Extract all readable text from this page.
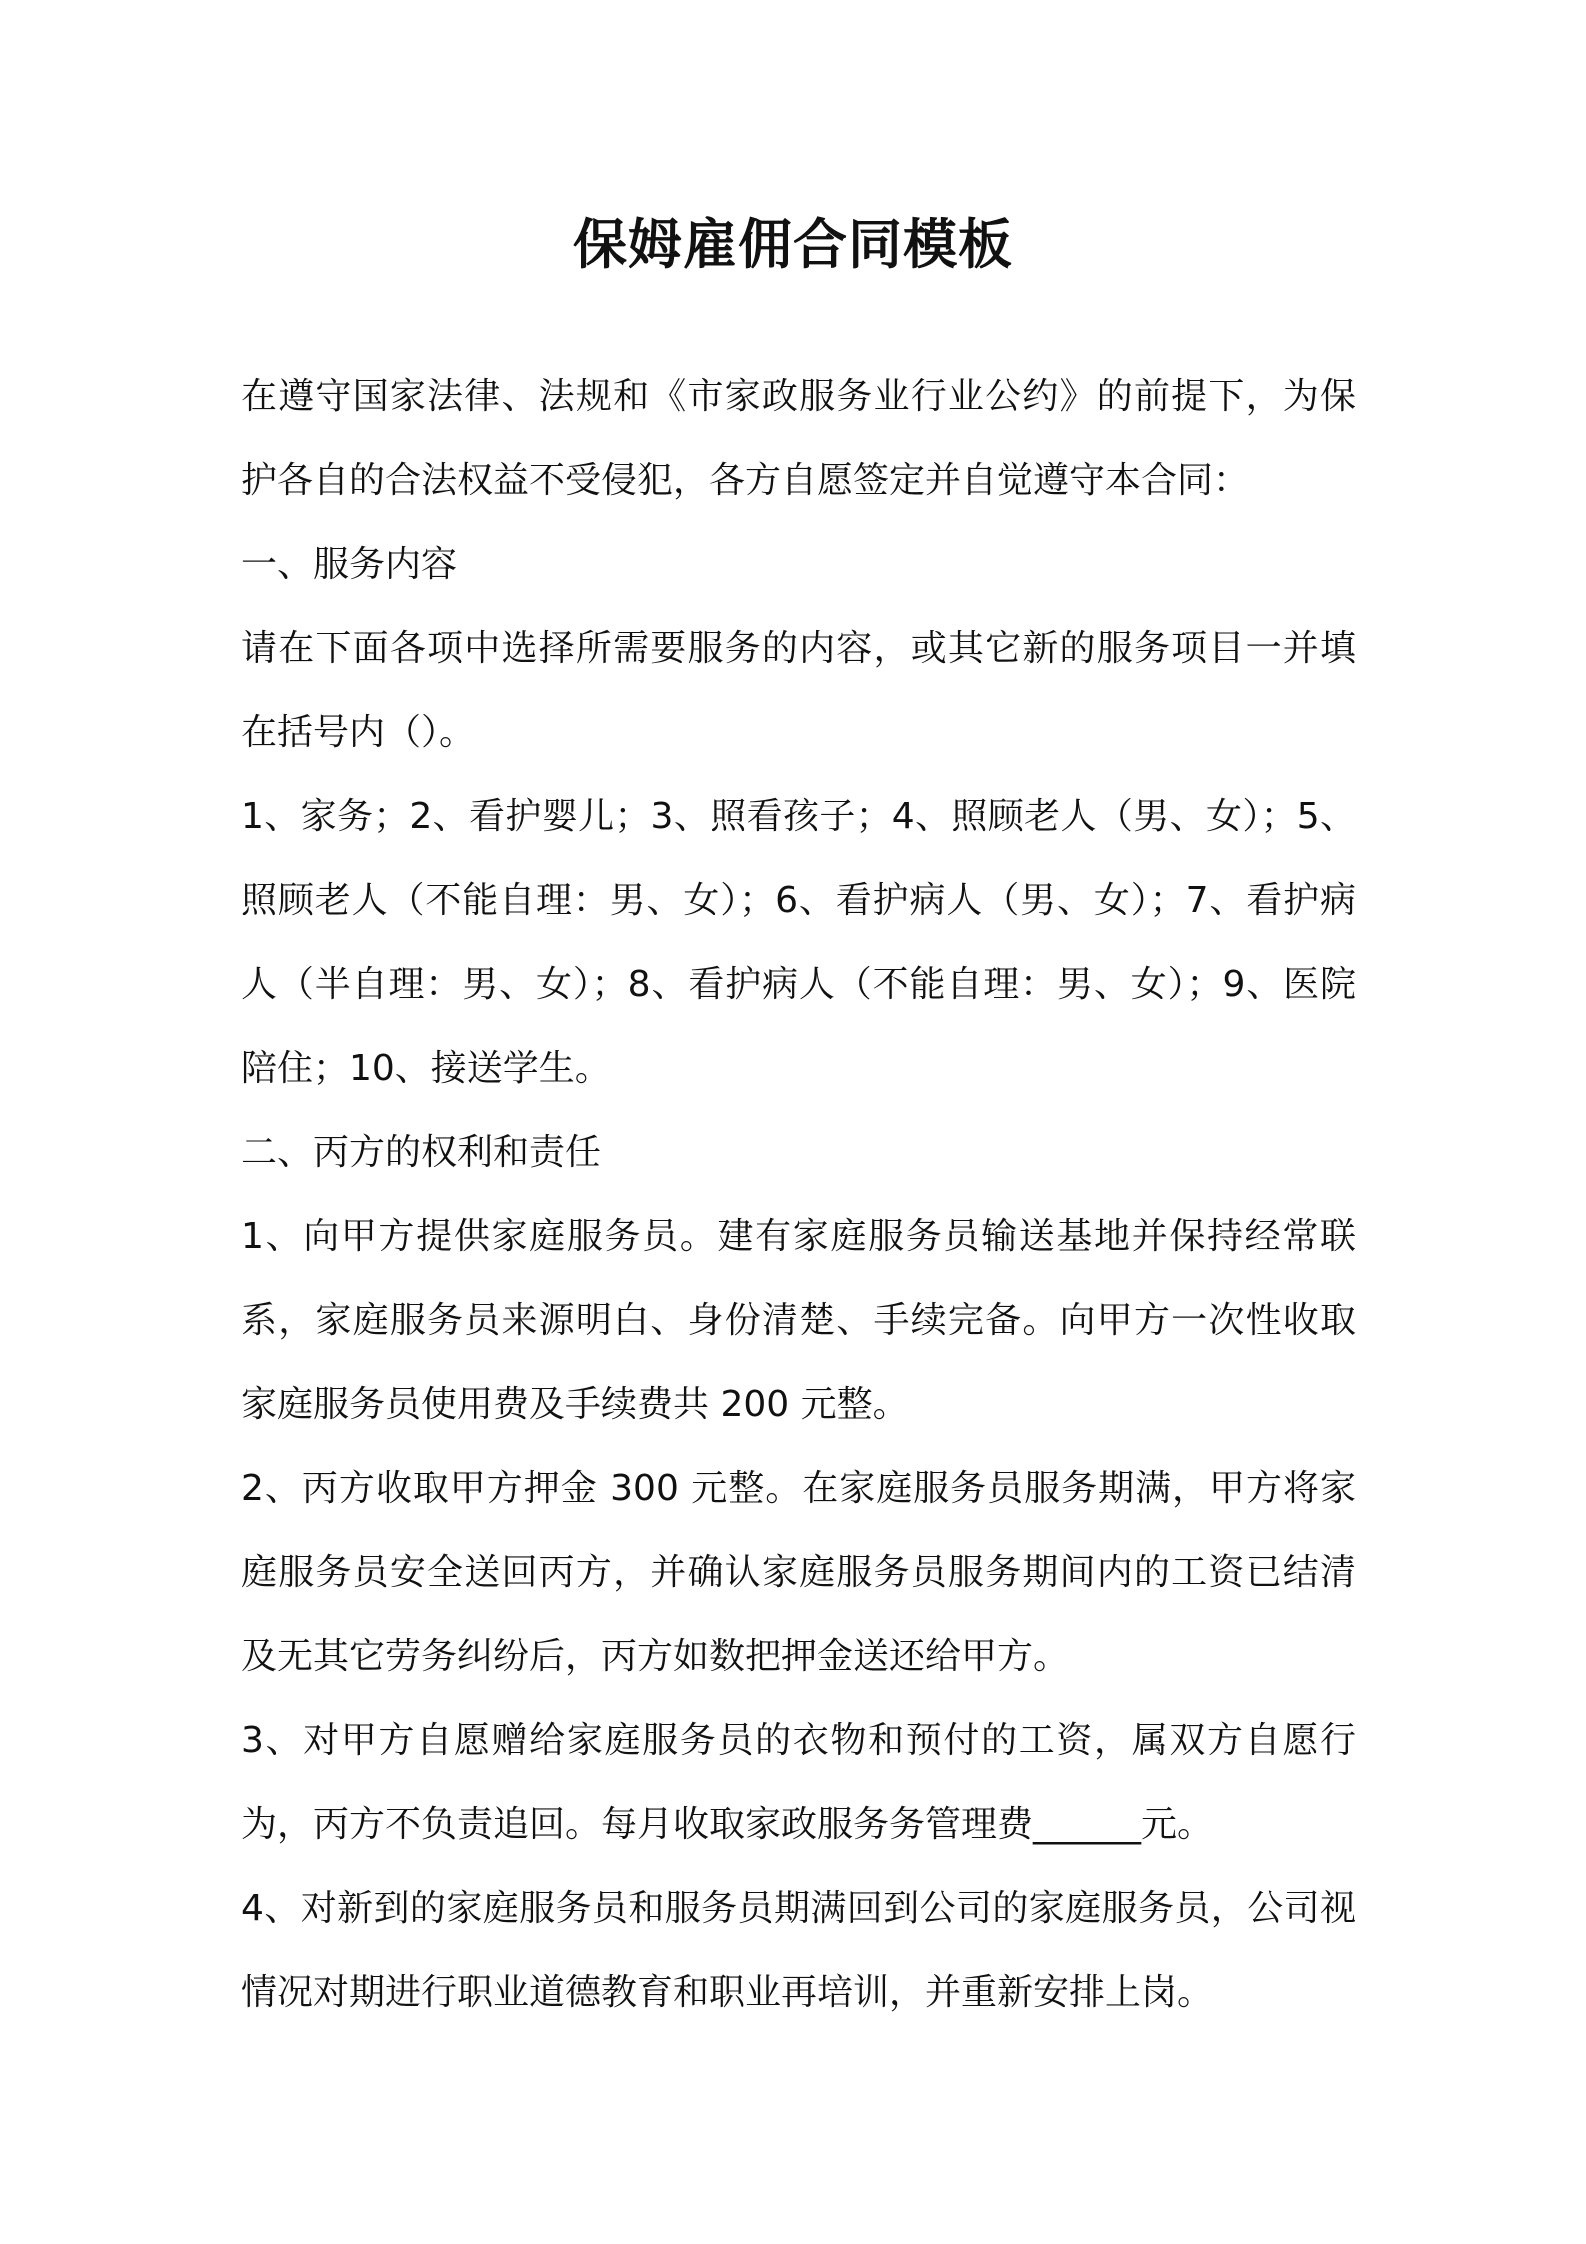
保姆雇佣合同模板

在遵守国家法律、法规和《市家政服务业行业公约》的前提下，为保护各自的合法权益不受侵犯，各方自愿签定并自觉遵守本合同：

一、服务内容

请在下面各项中选择所需要服务的内容，或其它新的服务项目一并填在括号内（）。

1、家务；2、看护婴儿；3、照看孩子；4、照顾老人（男、女）；5、照顾老人（不能自理：男、女）；6、看护病人（男、女）；7、看护病人（半自理：男、女）；8、看护病人（不能自理：男、女）；9、医院陪住；10、接送学生。

二、丙方的权利和责任

1、向甲方提供家庭服务员。建有家庭服务员输送基地并保持经常联系，家庭服务员来源明白、身份清楚、手续完备。向甲方一次性收取家庭服务员使用费及手续费共 200 元整。

2、丙方收取甲方押金 300 元整。在家庭服务员服务期满，甲方将家庭服务员安全送回丙方，并确认家庭服务员服务期间内的工资已结清及无其它劳务纠纷后，丙方如数把押金送还给甲方。

3、对甲方自愿赠给家庭服务员的衣物和预付的工资，属双方自愿行为，丙方不负责追回。每月收取家政服务务管理费______元。

4、对新到的家庭服务员和服务员期满回到公司的家庭服务员，公司视情况对期进行职业道德教育和职业再培训，并重新安排上岗。
